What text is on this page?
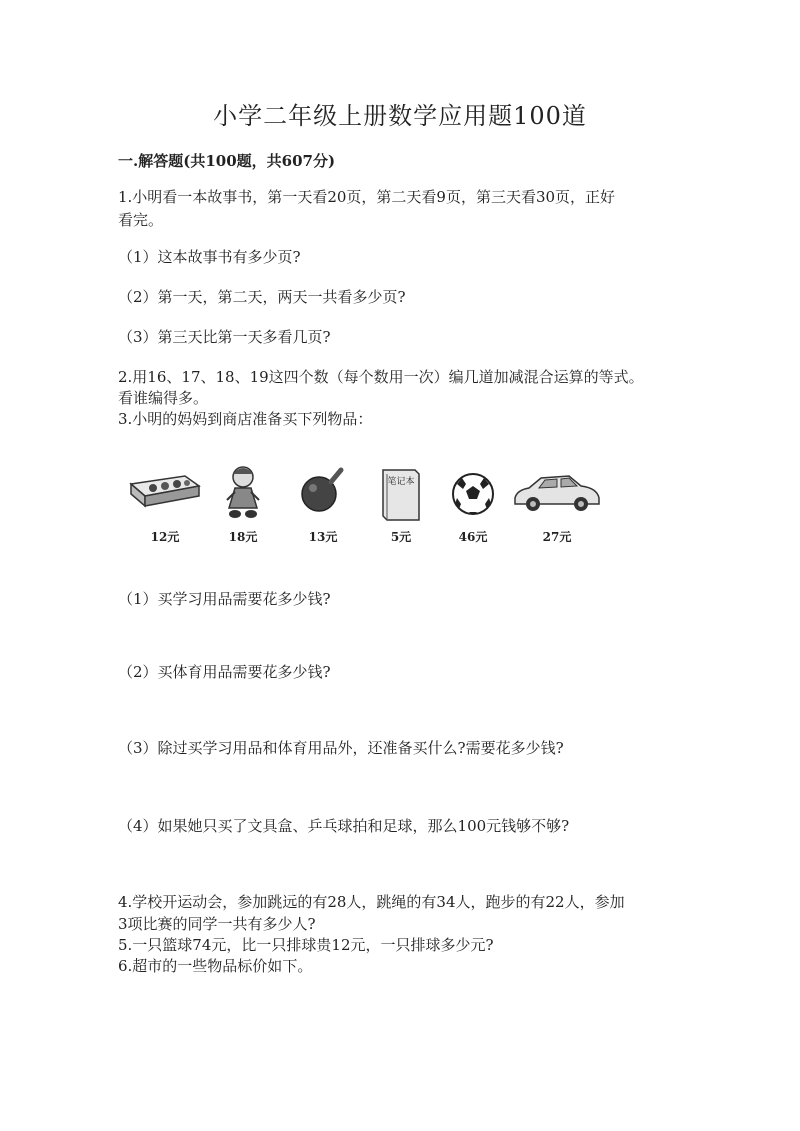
小学二年级上册数学应用题100道
一.解答题(共100题，共607分)
1.小明看一本故事书，第一天看20页，第二天看9页，第三天看30页，正好
看完。
（1）这本故事书有多少页?
（2）第一天，第二天，两天一共看多少页?
（3）第三天比第一天多看几页?
2.用16、17、18、19这四个数（每个数用一次）编几道加减混合运算的等式。
看谁编得多。
3.小明的妈妈到商店准备买下列物品：
12元	18元	13元
笔记本
5元	46元	27元
（1）买学习用品需要花多少钱?
（2）买体育用品需要花多少钱?
（3）除过买学习用品和体育用品外，还准备买什么?需要花多少钱?
（4）如果她只买了文具盒、乒乓球拍和足球，那么100元钱够不够?
4.学校开运动会，参加跳远的有28人，跳绳的有34人，跑步的有22人，参加
3项比赛的同学一共有多少人?
5.一只篮球74元，比一只排球贵12元，一只排球多少元?
6.超市的一些物品标价如下。
